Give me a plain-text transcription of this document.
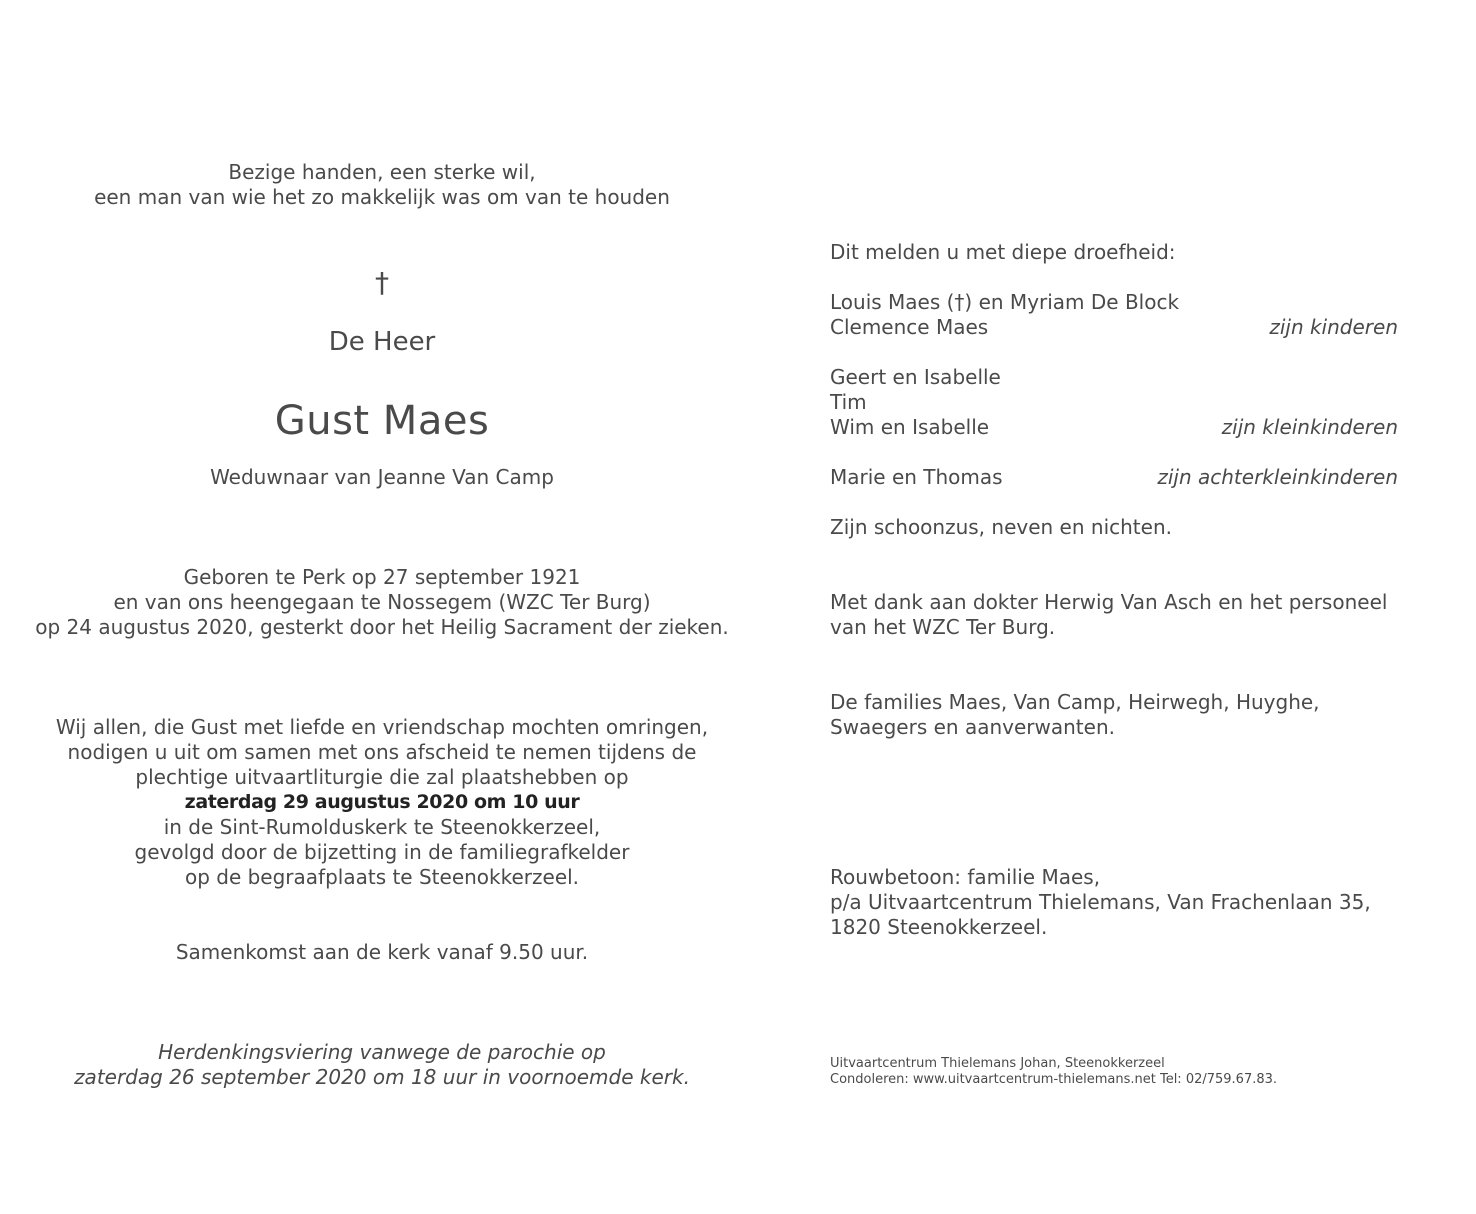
Bezige handen, een sterke wil,
een man van wie het zo makkelijk was om van te houden
†
De Heer
Gust Maes
Weduwnaar van Jeanne Van Camp
Geboren te Perk op 27 september 1921
en van ons heengegaan te Nossegem (WZC Ter Burg)
op 24 augustus 2020, gesterkt door het Heilig Sacrament der zieken.
Wij allen, die Gust met liefde en vriendschap mochten omringen,
nodigen u uit om samen met ons afscheid te nemen tijdens de
plechtige uitvaartliturgie die zal plaatshebben op
zaterdag 29 augustus 2020 om 10 uur
in de Sint-Rumolduskerk te Steenokkerzeel,
gevolgd door de bijzetting in de familiegrafkelder
op de begraafplaats te Steenokkerzeel.
Samenkomst aan de kerk vanaf 9.50 uur.
Herdenkingsviering vanwege de parochie op
zaterdag 26 september 2020 om 18 uur in voornoemde kerk.
Dit melden u met diepe droefheid:
Louis Maes (†) en Myriam De Block
Clemence Maes	zijn kinderen
Geert en Isabelle
Tim
Wim en Isabelle	zijn kleinkinderen
Marie en Thomas	zijn achterkleinkinderen
Zijn schoonzus, neven en nichten.
Met dank aan dokter Herwig Van Asch en het personeel
van het WZC Ter Burg.
De families Maes, Van Camp, Heirwegh, Huyghe,
Swaegers en aanverwanten.
Rouwbetoon: familie Maes,
p/a Uitvaartcentrum Thielemans, Van Frachenlaan 35,
1820 Steenokkerzeel.
Uitvaartcentrum Thielemans Johan, Steenokkerzeel
Condoleren: www.uitvaartcentrum-thielemans.net Tel: 02/759.67.83.
